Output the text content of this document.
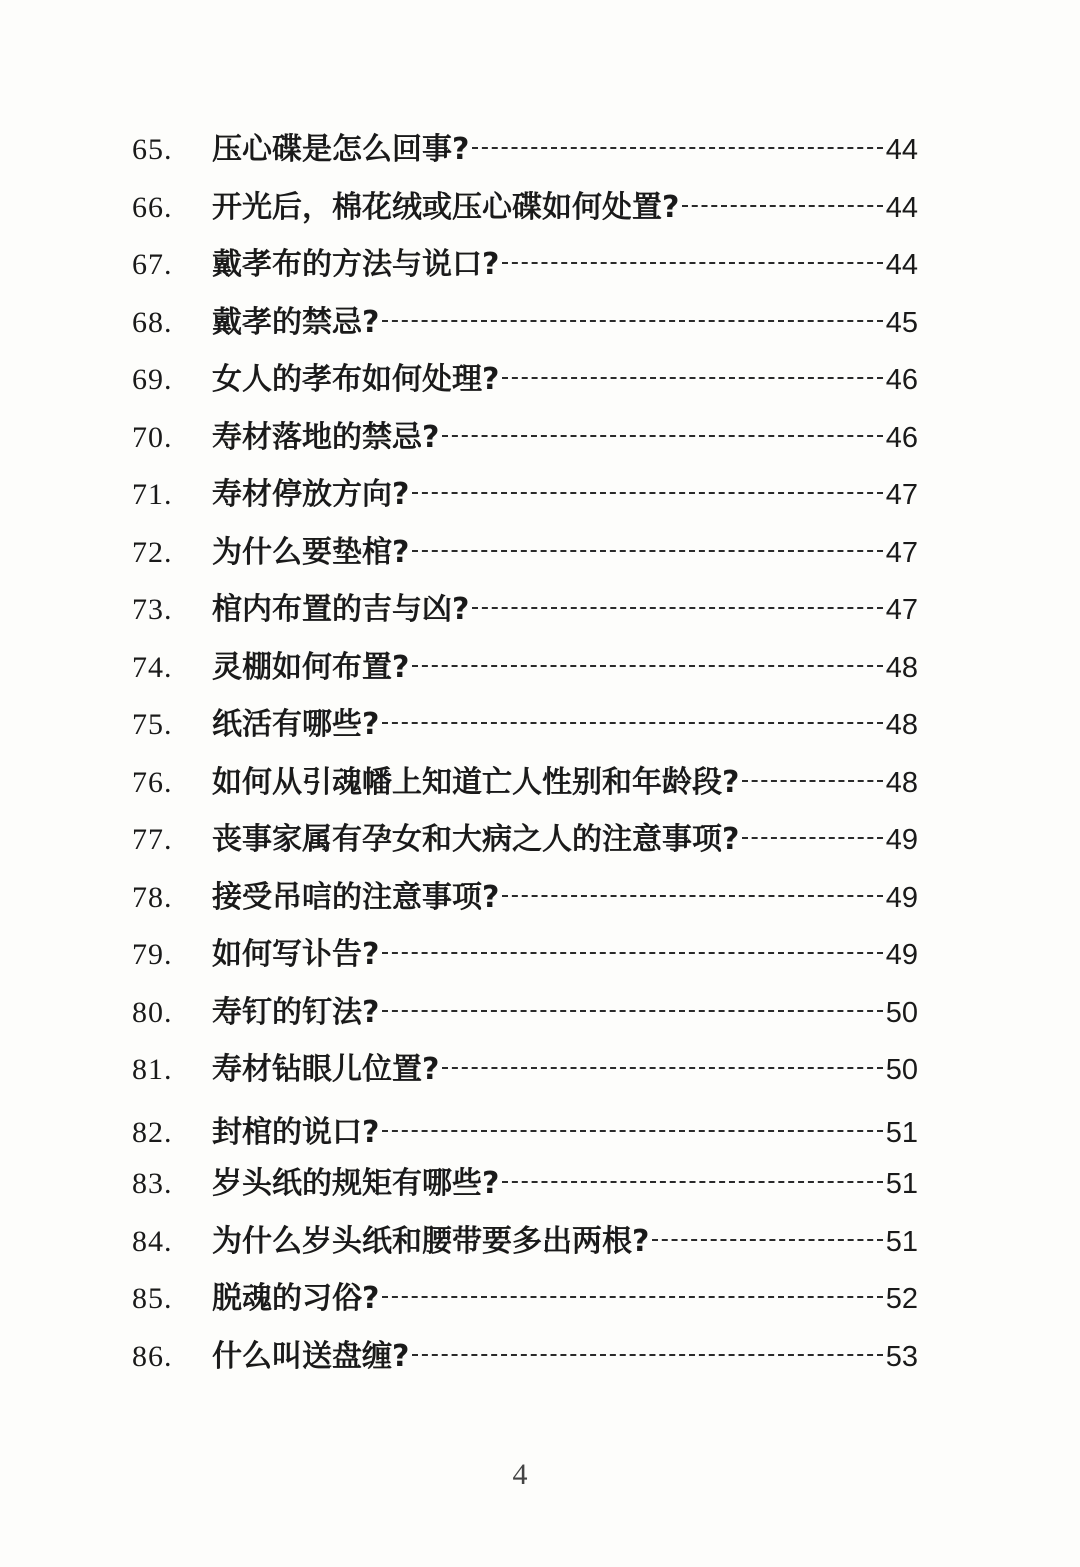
65.	压心碟是怎么回事?	44
66.	开光后，棉花绒或压心碟如何处置?	44
67.	戴孝布的方法与说口?	44
68.	戴孝的禁忌?	45
69.	女人的孝布如何处理?	46
70.	寿材落地的禁忌?	46
71.	寿材停放方向?	47
72.	为什么要垫棺?	47
73.	棺内布置的吉与凶?	47
74.	灵棚如何布置?	48
75.	纸活有哪些?	48
76.	如何从引魂幡上知道亡人性别和年龄段?	48
77.	丧事家属有孕女和大病之人的注意事项?	49
78.	接受吊唁的注意事项?	49
79.	如何写讣告?	49
80.	寿钉的钉法?	50
81.	寿材钻眼儿位置?	50
82.	封棺的说口?	51
83.	岁头纸的规矩有哪些?	51
84.	为什么岁头纸和腰带要多出两根?	51
85.	脱魂的习俗?	52
86.	什么叫送盘缠?	53
4
